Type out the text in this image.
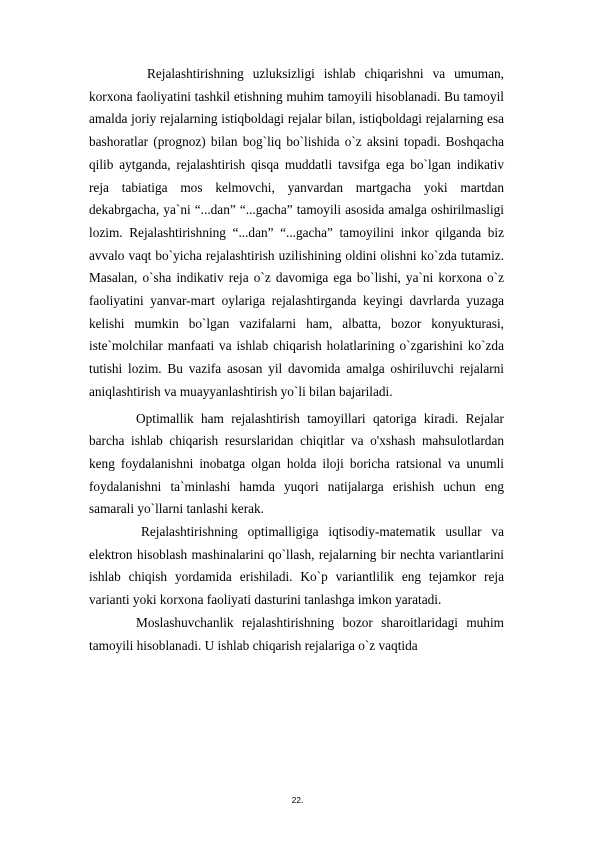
Rejalashtirishning uzluksizligi ishlab chiqarishni va umuman, korxona faoliyatini tashkil etishning muhim tamoyili hisoblanadi. Bu tamoyil amalda joriy rejalarning istiqboldagi rejalar bilan, istiqboldagi rejalarning esa bashoratlar (prognoz) bilan bog`liq bo`lishida o`z aksini topadi. Boshqacha qilib aytganda, rejalashtirish qisqa muddatli tavsifga ega bo`lgan indikativ reja tabiatiga mos kelmovchi, yanvardan martgacha yoki martdan dekabrgacha, ya`ni “...dan” “...gacha” tamoyili asosida amalga oshirilmasligi lozim. Rejalashtirishning “...dan” “...gacha” tamoyilini inkor qilganda biz avvalo vaqt bo`yicha rejalashtirish uzilishining oldini olishni ko`zda tutamiz. Masalan, o`sha indikativ reja o`z davomiga ega bo`lishi, ya`ni korxona o`z faoliyatini yanvar-mart oylariga rejalashtirganda keyingi davrlarda yuzaga kelishi mumkin bo`lgan vazifalarni ham, albatta, bozor konyukturasi, iste`molchilar manfaati va ishlab chiqarish holatlarining o`zgarishini ko`zda tutishi lozim. Bu vazifa asosan yil davomida amalga oshiriluvchi rejalarni aniqlashtirish va muayyanlashtirish yo`li bilan bajariladi.

Optimallik ham rejalashtirish tamoyillari qatoriga kiradi. Rejalar barcha ishlab chiqarish resurslaridan chiqitlar va o'xshash mahsulotlardan keng foydalanishni inobatga olgan holda iloji boricha ratsional va unumli foydalanishni ta`minlashi hamda yuqori natijalarga erishish uchun eng samarali yo`llarni tanlashi kerak.

Rejalashtirishning optimalligiga iqtisodiy-matematik usullar va elektron hisoblash mashinalarini qo`llash, rejalarning bir nechta variantlarini ishlab chiqish yordamida erishiladi. Ko`p variantlilik eng tejamkor reja varianti yoki korxona faoliyati dasturini tanlashga imkon yaratadi.

Moslashuvchanlik rejalashtirishning bozor sharoitlaridagi muhim tamoyili hisoblanadi. U ishlab chiqarish rejalariga o`z vaqtida

22.
